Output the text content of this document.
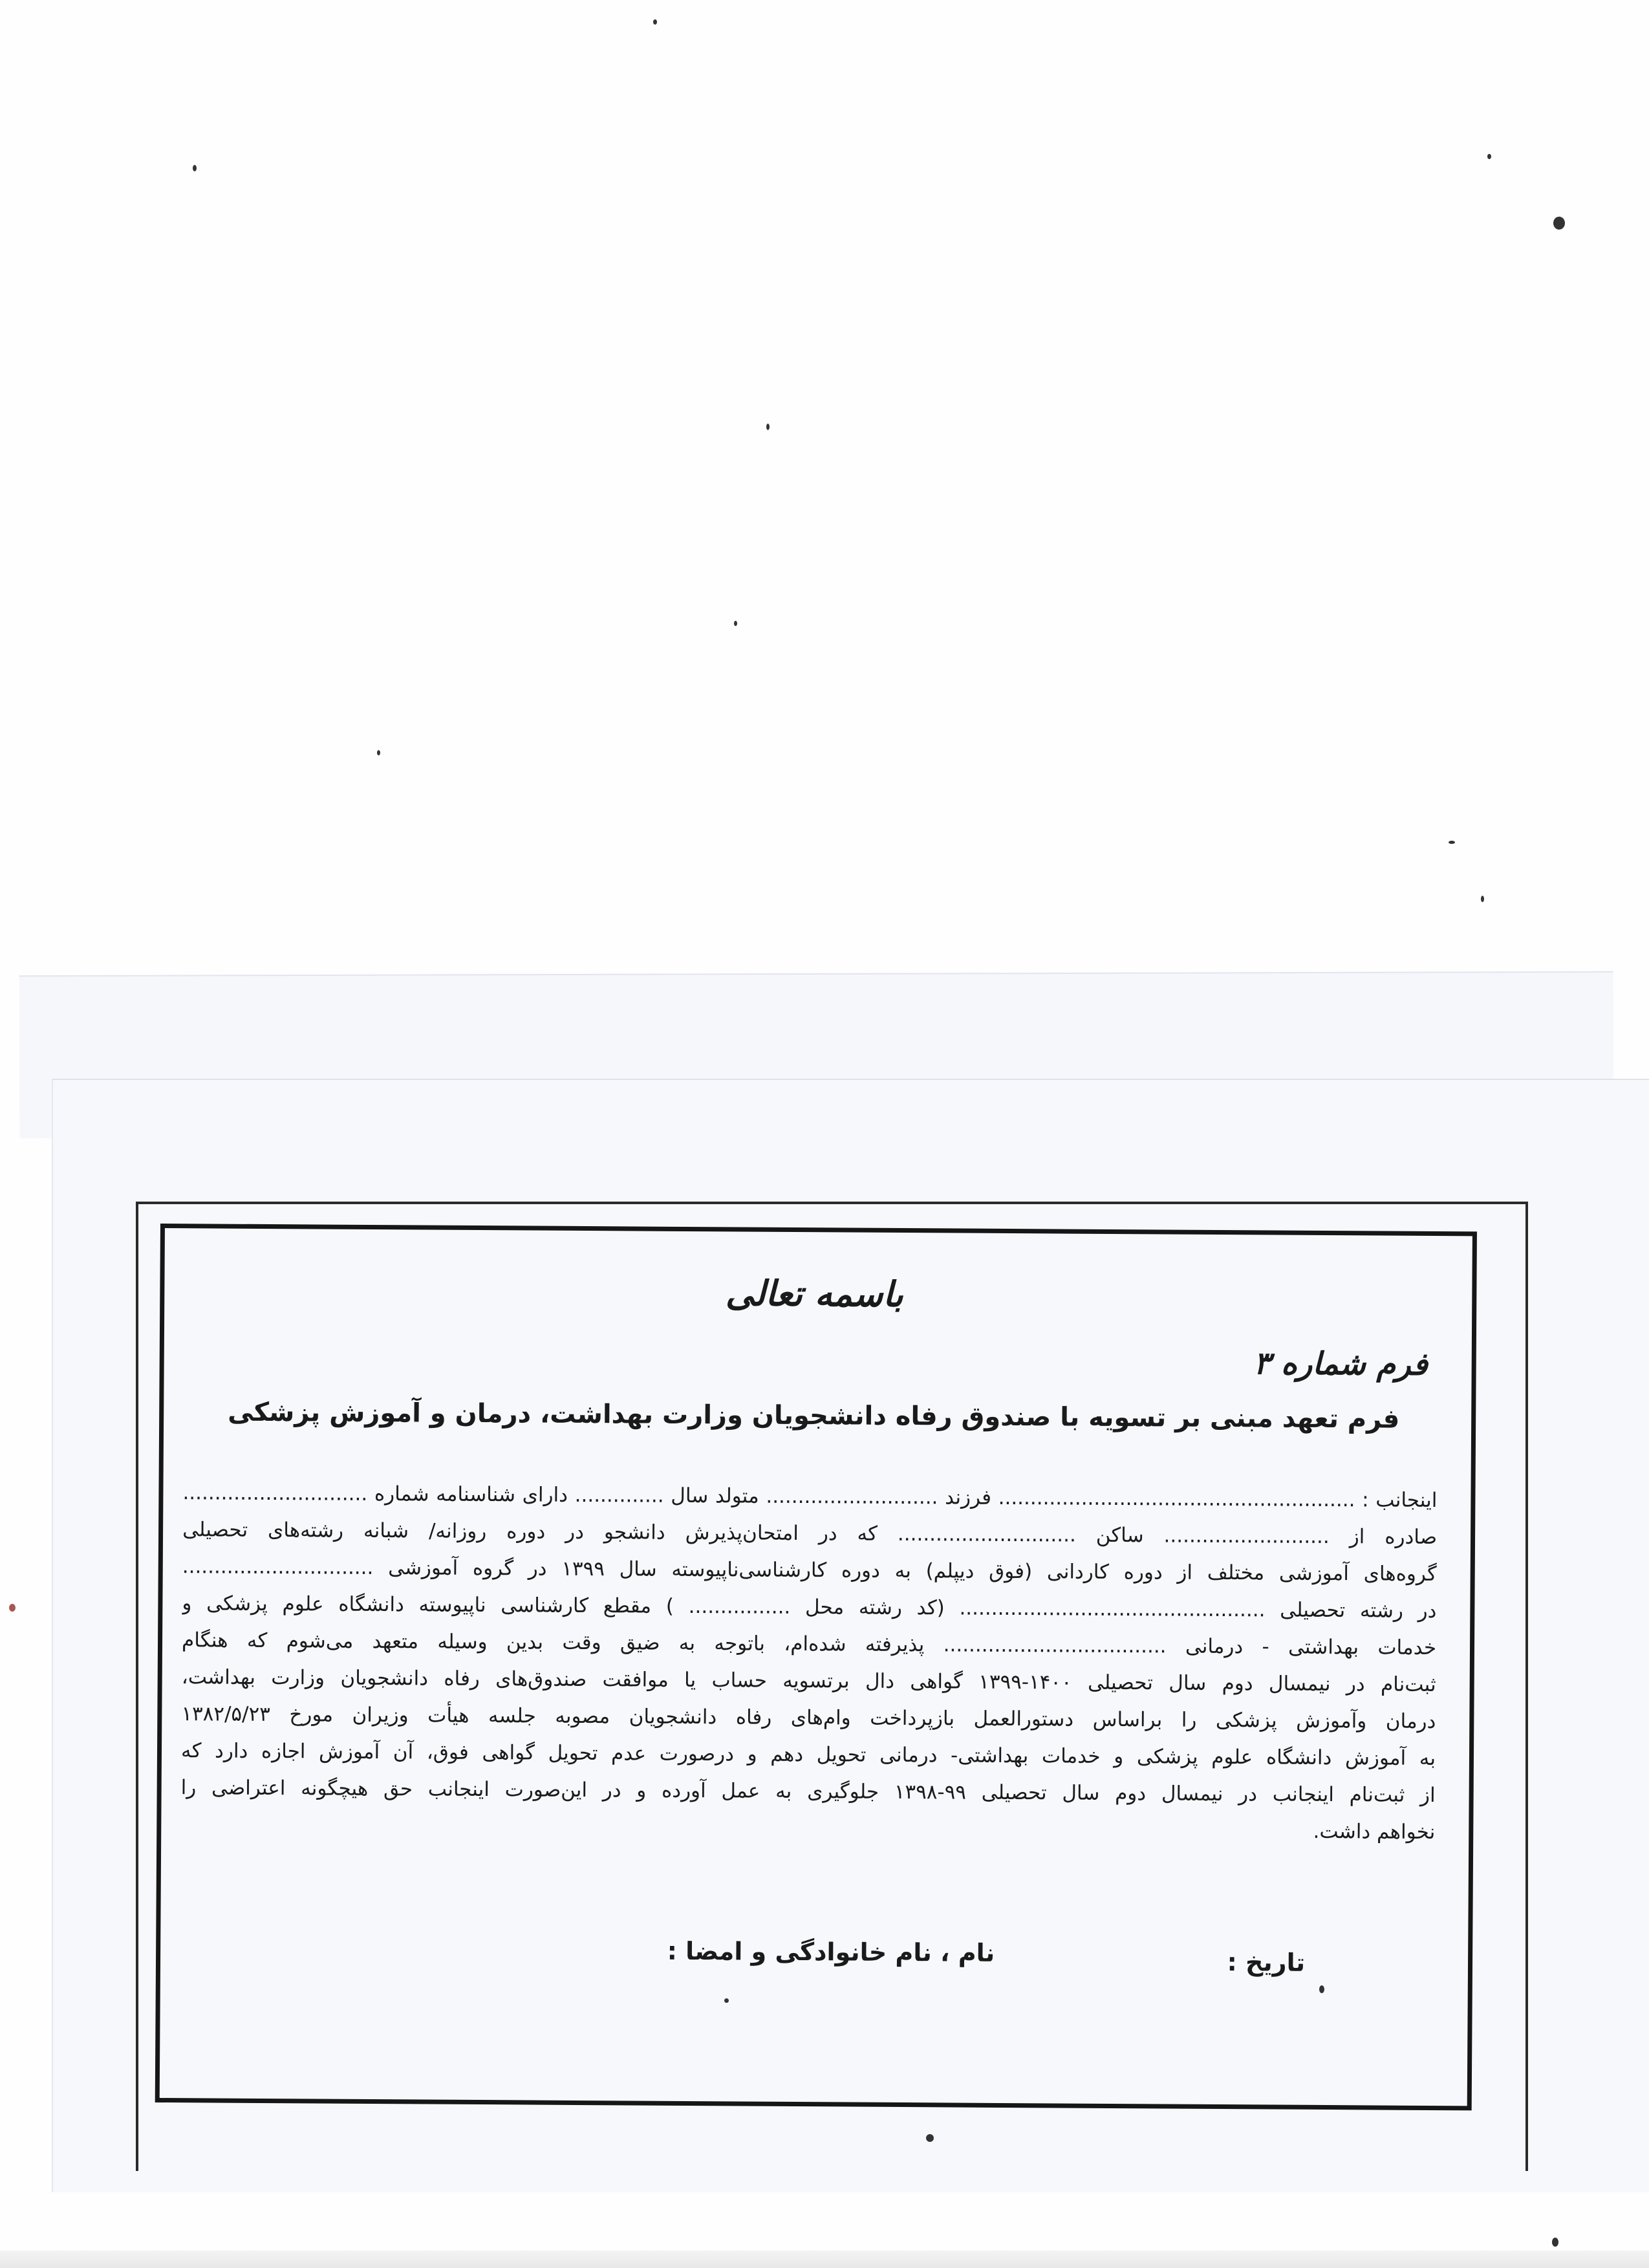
باسمه تعالی

فرم شماره ۳

فرم تعهد مبنی بر تسویه با صندوق رفاه دانشجویان وزارت بهداشت، درمان و آموزش پزشکی

اینجانب : ........................................................ فرزند ........................... متولد سال .............. دارای شناسنامه شماره .............................
صادره از .......................... ساکن ............................ که در امتحان‌پذیرش دانشجو در دوره روزانه/ شبانه رشته‌های تحصیلی
گروه‌های آموزشی مختلف از دوره کاردانی (فوق دیپلم) به دوره کارشناسی‌ناپیوسته سال ۱۳۹۹ در گروه آموزشی ..............................
در رشته تحصیلی ................................................ (کد رشته محل ................ ) مقطع کارشناسی ناپیوسته دانشگاه علوم پزشکی و
خدمات بهداشتی - درمانی ................................... پذیرفته شده‌ام، باتوجه به ضیق وقت بدین وسیله متعهد می‌شوم که هنگام
ثبت‌نام در نیمسال دوم سال تحصیلی ۱۴۰۰-۱۳۹۹ گواهی دال برتسویه حساب یا موافقت صندوق‌های رفاه دانشجویان وزارت بهداشت،
درمان وآموزش پزشکی را براساس دستورالعمل بازپرداخت وام‌های رفاه دانشجویان مصوبه جلسه هیأت وزیران مورخ ۱۳۸۲/۵/۲۳
به آموزش دانشگاه علوم پزشکی و خدمات بهداشتی- درمانی تحویل دهم و درصورت عدم تحویل گواهی فوق، آن آموزش اجازه دارد که
از ثبت‌نام اینجانب در نیمسال دوم سال تحصیلی ۹۹-۱۳۹۸ جلوگیری به عمل آورده و در این‌صورت اینجانب حق هیچگونه اعتراضی را
نخواهم داشت.

تاریخ :

نام ، نام خانوادگی و امضا :
